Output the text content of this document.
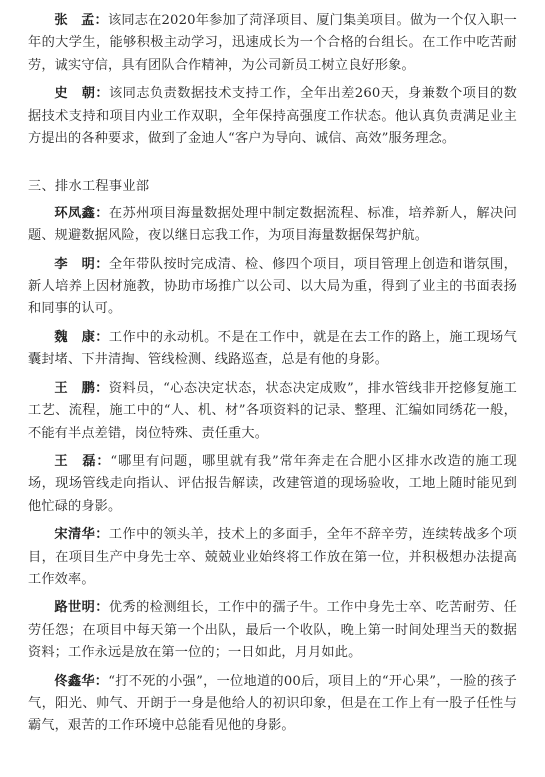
张　孟：该同志在2020年参加了菏泽项目、厦门集美项目。做为一个仅入职一年的大学生，能够积极主动学习，迅速成长为一个合格的台组长。在工作中吃苦耐劳，诚实守信，具有团队合作精神，为公司新员工树立良好形象。

史　朝：该同志负责数据技术支持工作，全年出差260天，身兼数个项目的数据技术支持和项目内业工作双职，全年保持高强度工作状态。他认真负责满足业主方提出的各种要求，做到了金迪人“客户为导向、诚信、高效”服务理念。

三、排水工程事业部

环凤鑫：在苏州项目海量数据处理中制定数据流程、标准，培养新人，解决问题、规避数据风险，夜以继日忘我工作，为项目海量数据保驾护航。

李　明：全年带队按时完成清、检、修四个项目，项目管理上创造和谐氛围，新人培养上因材施教，协助市场推广以公司、以大局为重，得到了业主的书面表扬和同事的认可。

魏　康：工作中的永动机。不是在工作中，就是在去工作的路上，施工现场气囊封堵、下井清掏、管线检测、线路巡查，总是有他的身影。

王　鹏：资料员，“心态决定状态，状态决定成败”，排水管线非开挖修复施工工艺、流程，施工中的“人、机、材”各项资料的记录、整理、汇编如同绣花一般，不能有半点差错，岗位特殊、责任重大。

王　磊：“哪里有问题，哪里就有我”常年奔走在合肥小区排水改造的施工现场，现场管线走向指认、评估报告解读，改建管道的现场验收，工地上随时能见到他忙碌的身影。

宋清华：工作中的领头羊，技术上的多面手，全年不辞辛劳，连续转战多个项目，在项目生产中身先士卒、兢兢业业始终将工作放在第一位，并积极想办法提高工作效率。

路世明：优秀的检测组长，工作中的孺子牛。工作中身先士卒、吃苦耐劳、任劳任怨；在项目中每天第一个出队，最后一个收队，晚上第一时间处理当天的数据资料；工作永远是放在第一位的；一日如此，月月如此。

佟鑫华：“打不死的小强”，一位地道的00后，项目上的“开心果”，一脸的孩子气，阳光、帅气、开朗于一身是他给人的初识印象，但是在工作上有一股子任性与霸气，艰苦的工作环境中总能看见他的身影。
